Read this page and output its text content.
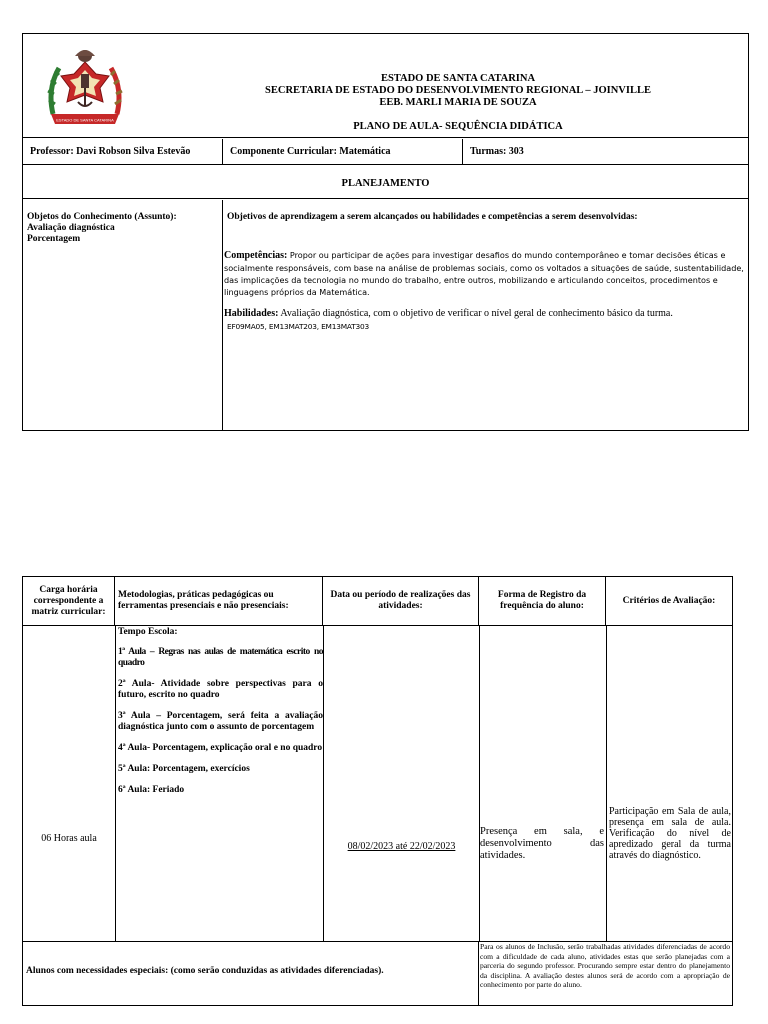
ESTADO DE SANTA CATARINA
ESTADO DE SANTA CATARINA
SECRETARIA DE ESTADO DO DESENVOLVIMENTO REGIONAL – JOINVILLE
EEB. MARLI MARIA DE SOUZA
PLANO DE AULA- SEQUÊNCIA DIDÁTICA
Professor: Davi Robson Silva Estevão	Componente Curricular: Matemática	Turmas: 303
PLANEJAMENTO
Objetos do Conhecimento (Assunto):
Avaliação diagnóstica
Porcentagem
Objetivos de aprendizagem a serem alcançados ou habilidades e competências a serem desenvolvidas:
Competências: Propor ou participar de ações para investigar desafios do mundo contemporâneo e tomar decisões éticas e socialmente responsáveis, com base na análise de problemas sociais, como os voltados a situações de saúde, sustentabilidade, das implicações da tecnologia no mundo do trabalho, entre outros, mobilizando e articulando conceitos, procedimentos e linguagens próprios da Matemática.
Habilidades: Avaliação diagnóstica, com o objetivo de verificar o nível geral de conhecimento básico da turma.
EF09MA05, EM13MAT203, EM13MAT303
Carga horária correspondente a matriz curricular:
Metodologias, práticas pedagógicas ou ferramentas presenciais e não presenciais:
Data ou período de realizações das atividades:
Forma de Registro da frequência do aluno:
Critérios de Avaliação:
06 Horas aula
Tempo Escola:
1ª Aula – Regras nas aulas de matemática escrito no quadro
2ª Aula- Atividade sobre perspectivas para o futuro, escrito no quadro
3ª Aula – Porcentagem, será feita a avaliação diagnóstica junto com o assunto de porcentagem
4ª Aula- Porcentagem, explicação oral e no quadro
5ª Aula: Porcentagem, exercícios
6ª Aula: Feriado
08/02/2023 até 22/02/2023
Presença em sala, e desenvolvimento das atividades.
Participação em Sala de aula, presença em sala de aula. Verificação do nível de apredizado geral da turma através do diagnóstico.
Alunos com necessidades especiais: (como serão conduzidas as atividades diferenciadas).
Para os alunos de Inclusão, serão trabalhadas atividades diferenciadas de acordo com a dificuldade de cada aluno, atividades estas que serão planejadas com a parceria do segundo professor. Procurando sempre estar dentro do planejamento da disciplina. A avaliação destes alunos será de acordo com a apropriação de conhecimento por parte do aluno.
